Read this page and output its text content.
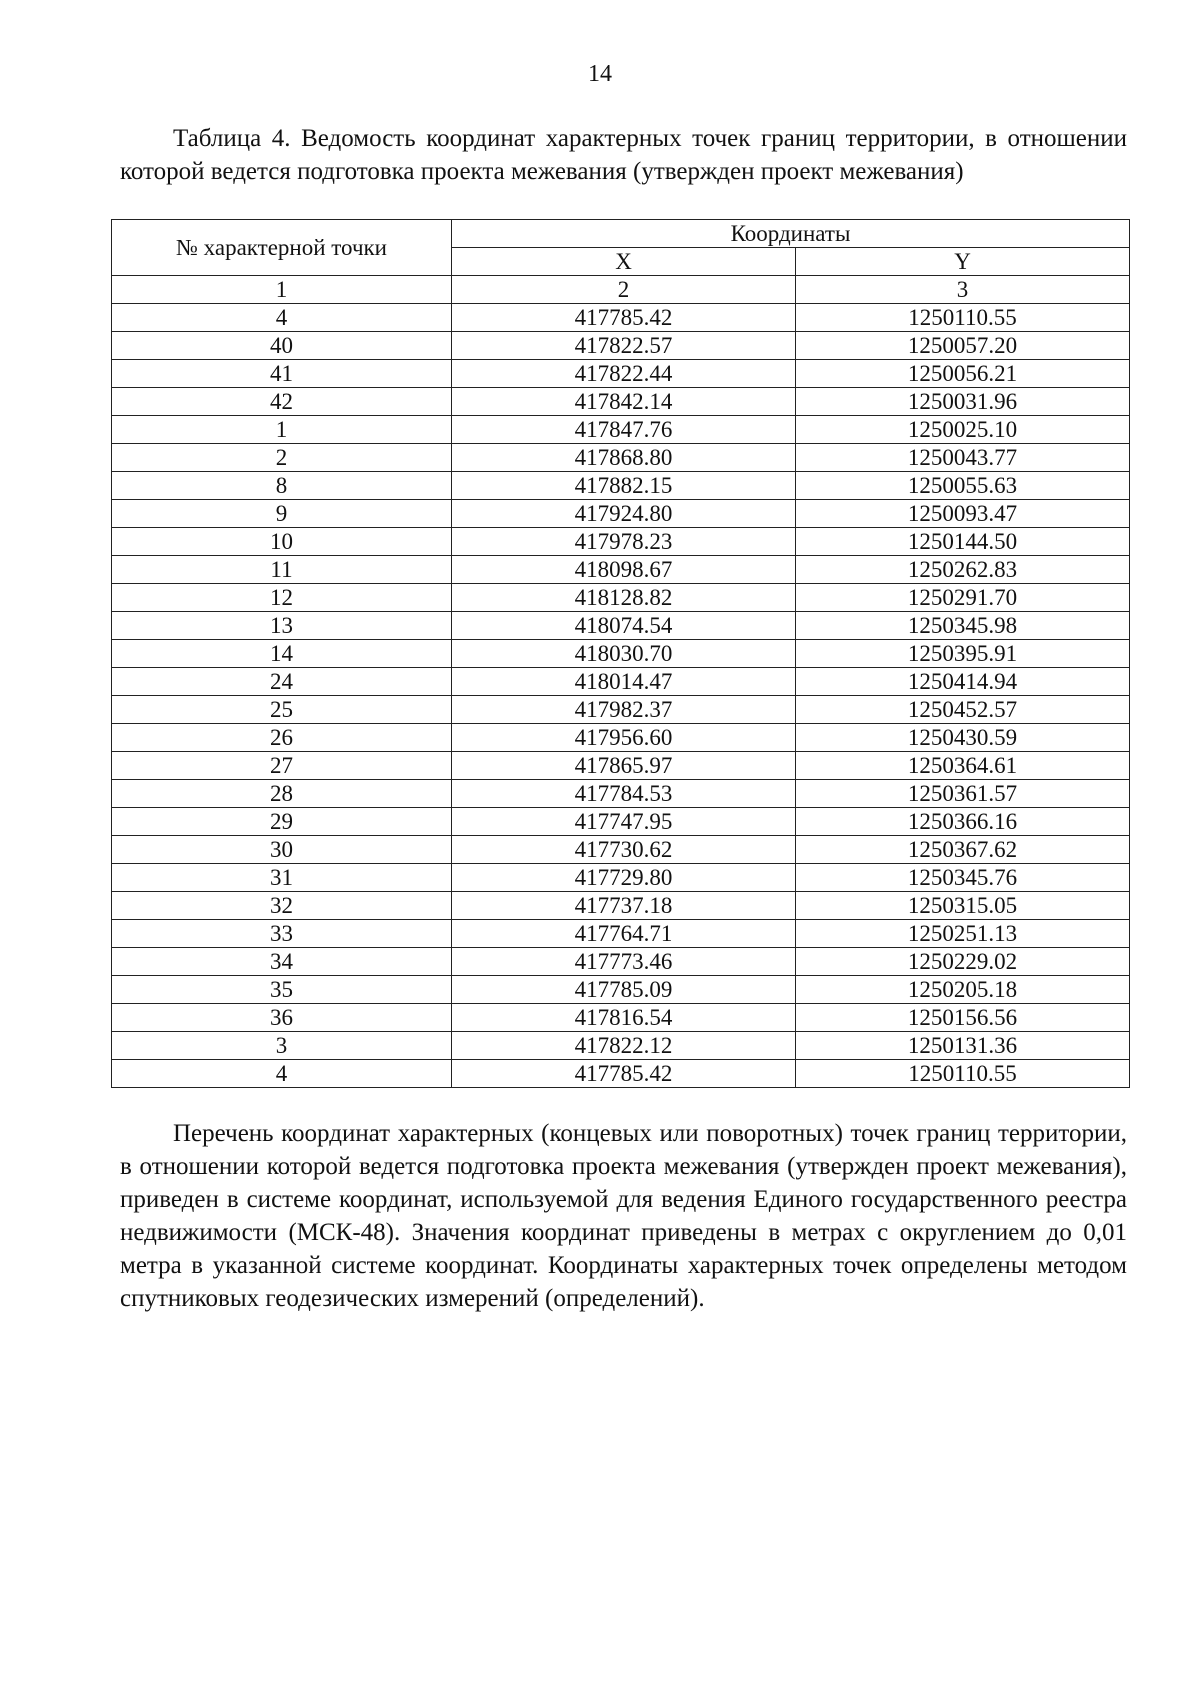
14

Таблица 4. Ведомость координат характерных точек границ территории, в отношении которой ведется подготовка проекта межевания (утвержден проект межевания)

№ характерной точки	Координаты	
	X	Y
1	2	3
4	417785.42	1250110.55
40	417822.57	1250057.20
41	417822.44	1250056.21
42	417842.14	1250031.96
1	417847.76	1250025.10
2	417868.80	1250043.77
8	417882.15	1250055.63
9	417924.80	1250093.47
10	417978.23	1250144.50
11	418098.67	1250262.83
12	418128.82	1250291.70
13	418074.54	1250345.98
14	418030.70	1250395.91
24	418014.47	1250414.94
25	417982.37	1250452.57
26	417956.60	1250430.59
27	417865.97	1250364.61
28	417784.53	1250361.57
29	417747.95	1250366.16
30	417730.62	1250367.62
31	417729.80	1250345.76
32	417737.18	1250315.05
33	417764.71	1250251.13
34	417773.46	1250229.02
35	417785.09	1250205.18
36	417816.54	1250156.56
3	417822.12	1250131.36
4	417785.42	1250110.55

Перечень координат характерных (концевых или поворотных) точек границ территории, в отношении которой ведется подготовка проекта межевания (утвержден проект межевания), приведен в системе координат, используемой для ведения Единого государственного реестра недвижимости (МСК-48). Значения координат приведены в метрах с округлением до 0,01 метра в указанной системе координат. Координаты характерных точек определены методом спутниковых геодезических измерений (определений).
